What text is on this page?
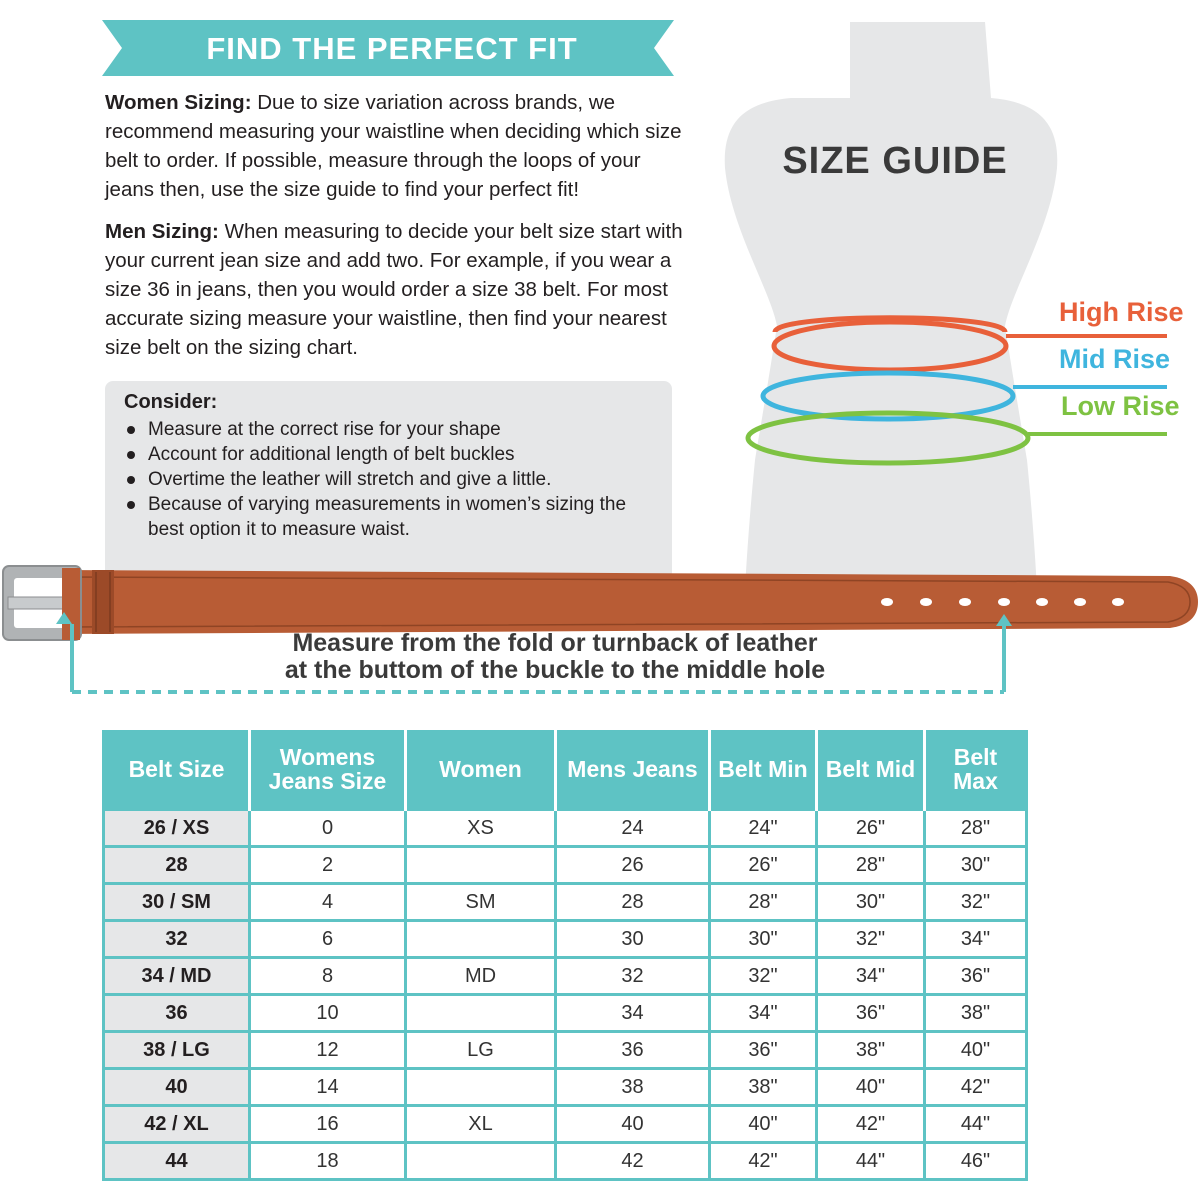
FIND THE PERFECT FIT
Women Sizing: Due to size variation across brands, we recommend measuring your waistline when deciding which size belt to order. If possible, measure through the loops of your jeans then, use the size guide to find your perfect fit!
Men Sizing: When measuring to decide your belt size start with your current jean size and add two. For example, if you wear a size 36 in jeans, then you would order a size 38 belt. For most accurate sizing measure your waistline, then find your nearest size belt on the sizing chart.
Consider:
Measure at the correct rise for your shape
Account for additional length of belt buckles
Overtime the leather will stretch and give a little.
Because of varying measurements in women’s sizing the best option it to measure waist.
SIZE GUIDE
High Rise
Mid Rise
Low Rise
Measure from the fold or turnback of leather
at the buttom of the buckle to the middle hole
Belt Size	Womens Jeans Size	Women	Mens Jeans	Belt Min	Belt Mid	Belt Max
26 / XS	0	XS	24	24"	26"	28"
28	2		26	26"	28"	30"
30 / SM	4	SM	28	28"	30"	32"
32	6		30	30"	32"	34"
34 / MD	8	MD	32	32"	34"	36"
36	10		34	34"	36"	38"
38 / LG	12	LG	36	36"	38"	40"
40	14		38	38"	40"	42"
42 / XL	16	XL	40	40"	42"	44"
44	18		42	42"	44"	46"
